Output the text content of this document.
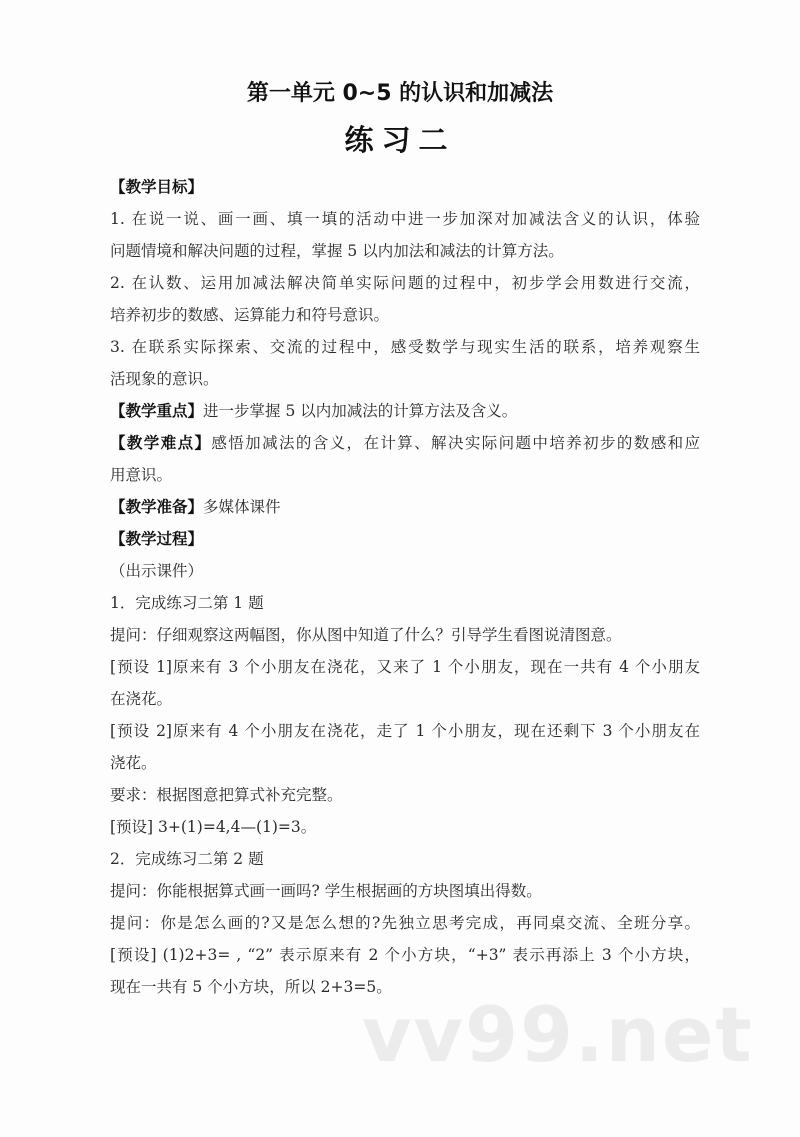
第一单元 0~5 的认识和加减法
练习二
【教学目标】
1. 在说一说、画一画、填一填的活动中进一步加深对加减法含义的认识，体验
问题情境和解决问题的过程，掌握 5 以内加法和减法的计算方法。
2. 在认数、运用加减法解决简单实际问题的过程中，初步学会用数进行交流，
培养初步的数感、运算能力和符号意识。
3. 在联系实际探索、交流的过程中，感受数学与现实生活的联系，培养观察生
活现象的意识。
【教学重点】进一步掌握 5 以内加减法的计算方法及含义。
【教学难点】感悟加减法的含义，在计算、解决实际问题中培养初步的数感和应
用意识。
【教学准备】多媒体课件
【教学过程】
（出示课件）
1．完成练习二第 1 题
提问：仔细观察这两幅图，你从图中知道了什么？引导学生看图说清图意。
[预设 1]原来有 3 个小朋友在浇花，又来了 1 个小朋友，现在一共有 4 个小朋友
在浇花。
[预设 2]原来有 4 个小朋友在浇花，走了 1 个小朋友，现在还剩下 3 个小朋友在
浇花。
要求：根据图意把算式补充完整。
[预设] 3+(1)=4,4—(1)=3。
2．完成练习二第 2 题
提问：你能根据算式画一画吗? 学生根据画的方块图填出得数。
提问：你是怎么画的?又是怎么想的?先独立思考完成，再同桌交流、全班分享。
[预设] (1)2+3= , “2” 表示原来有 2 个小方块，“+3” 表示再添上 3 个小方块，
现在一共有 5 个小方块，所以 2+3=5。
vv99.net
